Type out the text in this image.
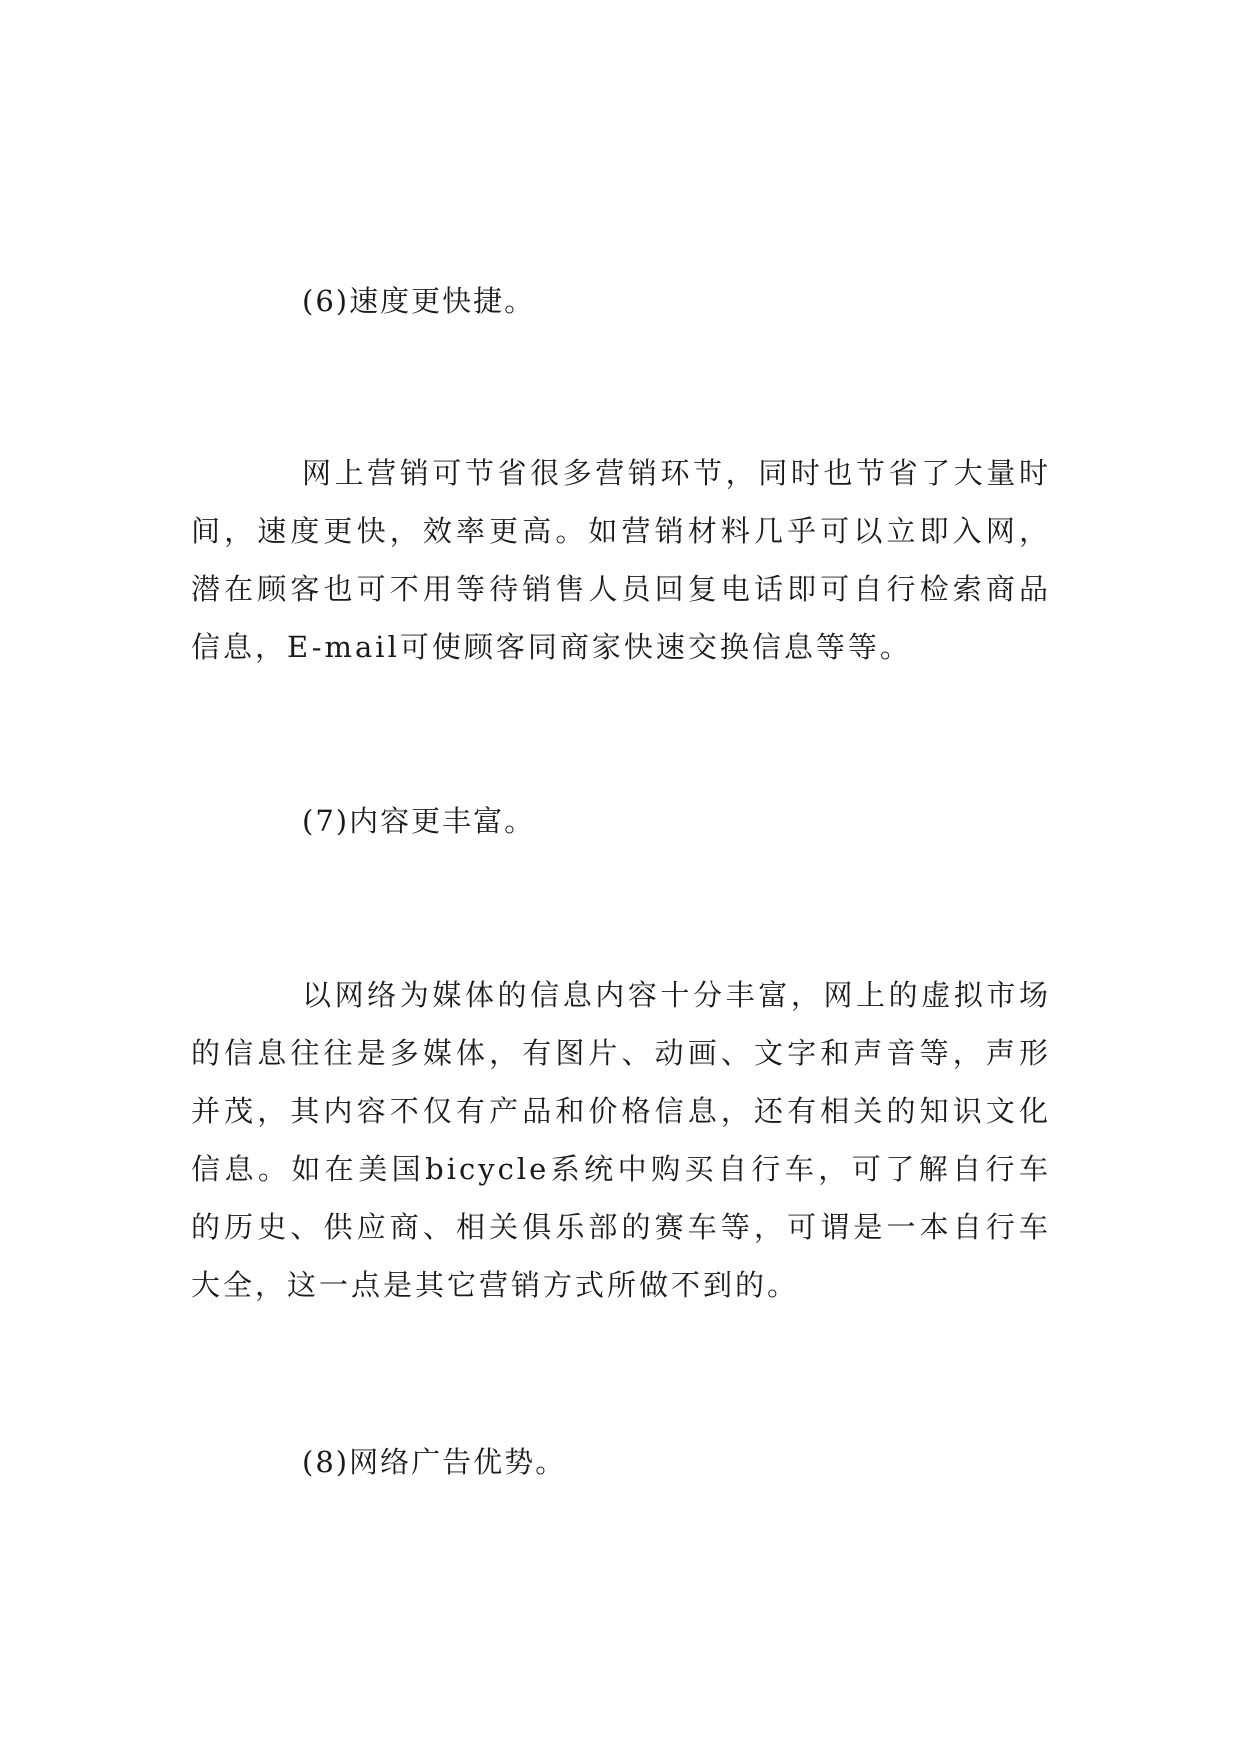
(6)速度更快捷。
网上营销可节省很多营销环节，同时也节省了大量时间，速度更快，效率更高。如营销材料几乎可以立即入网，潜在顾客也可不用等待销售人员回复电话即可自行检索商品信息，E-mail可使顾客同商家快速交换信息等等。
(7)内容更丰富。
以网络为媒体的信息内容十分丰富，网上的虚拟市场的信息往往是多媒体，有图片、动画、文字和声音等，声形并茂，其内容不仅有产品和价格信息，还有相关的知识文化信息。如在美国bicycle系统中购买自行车，可了解自行车的历史、供应商、相关俱乐部的赛车等，可谓是一本自行车大全，这一点是其它营销方式所做不到的。
(8)网络广告优势。
